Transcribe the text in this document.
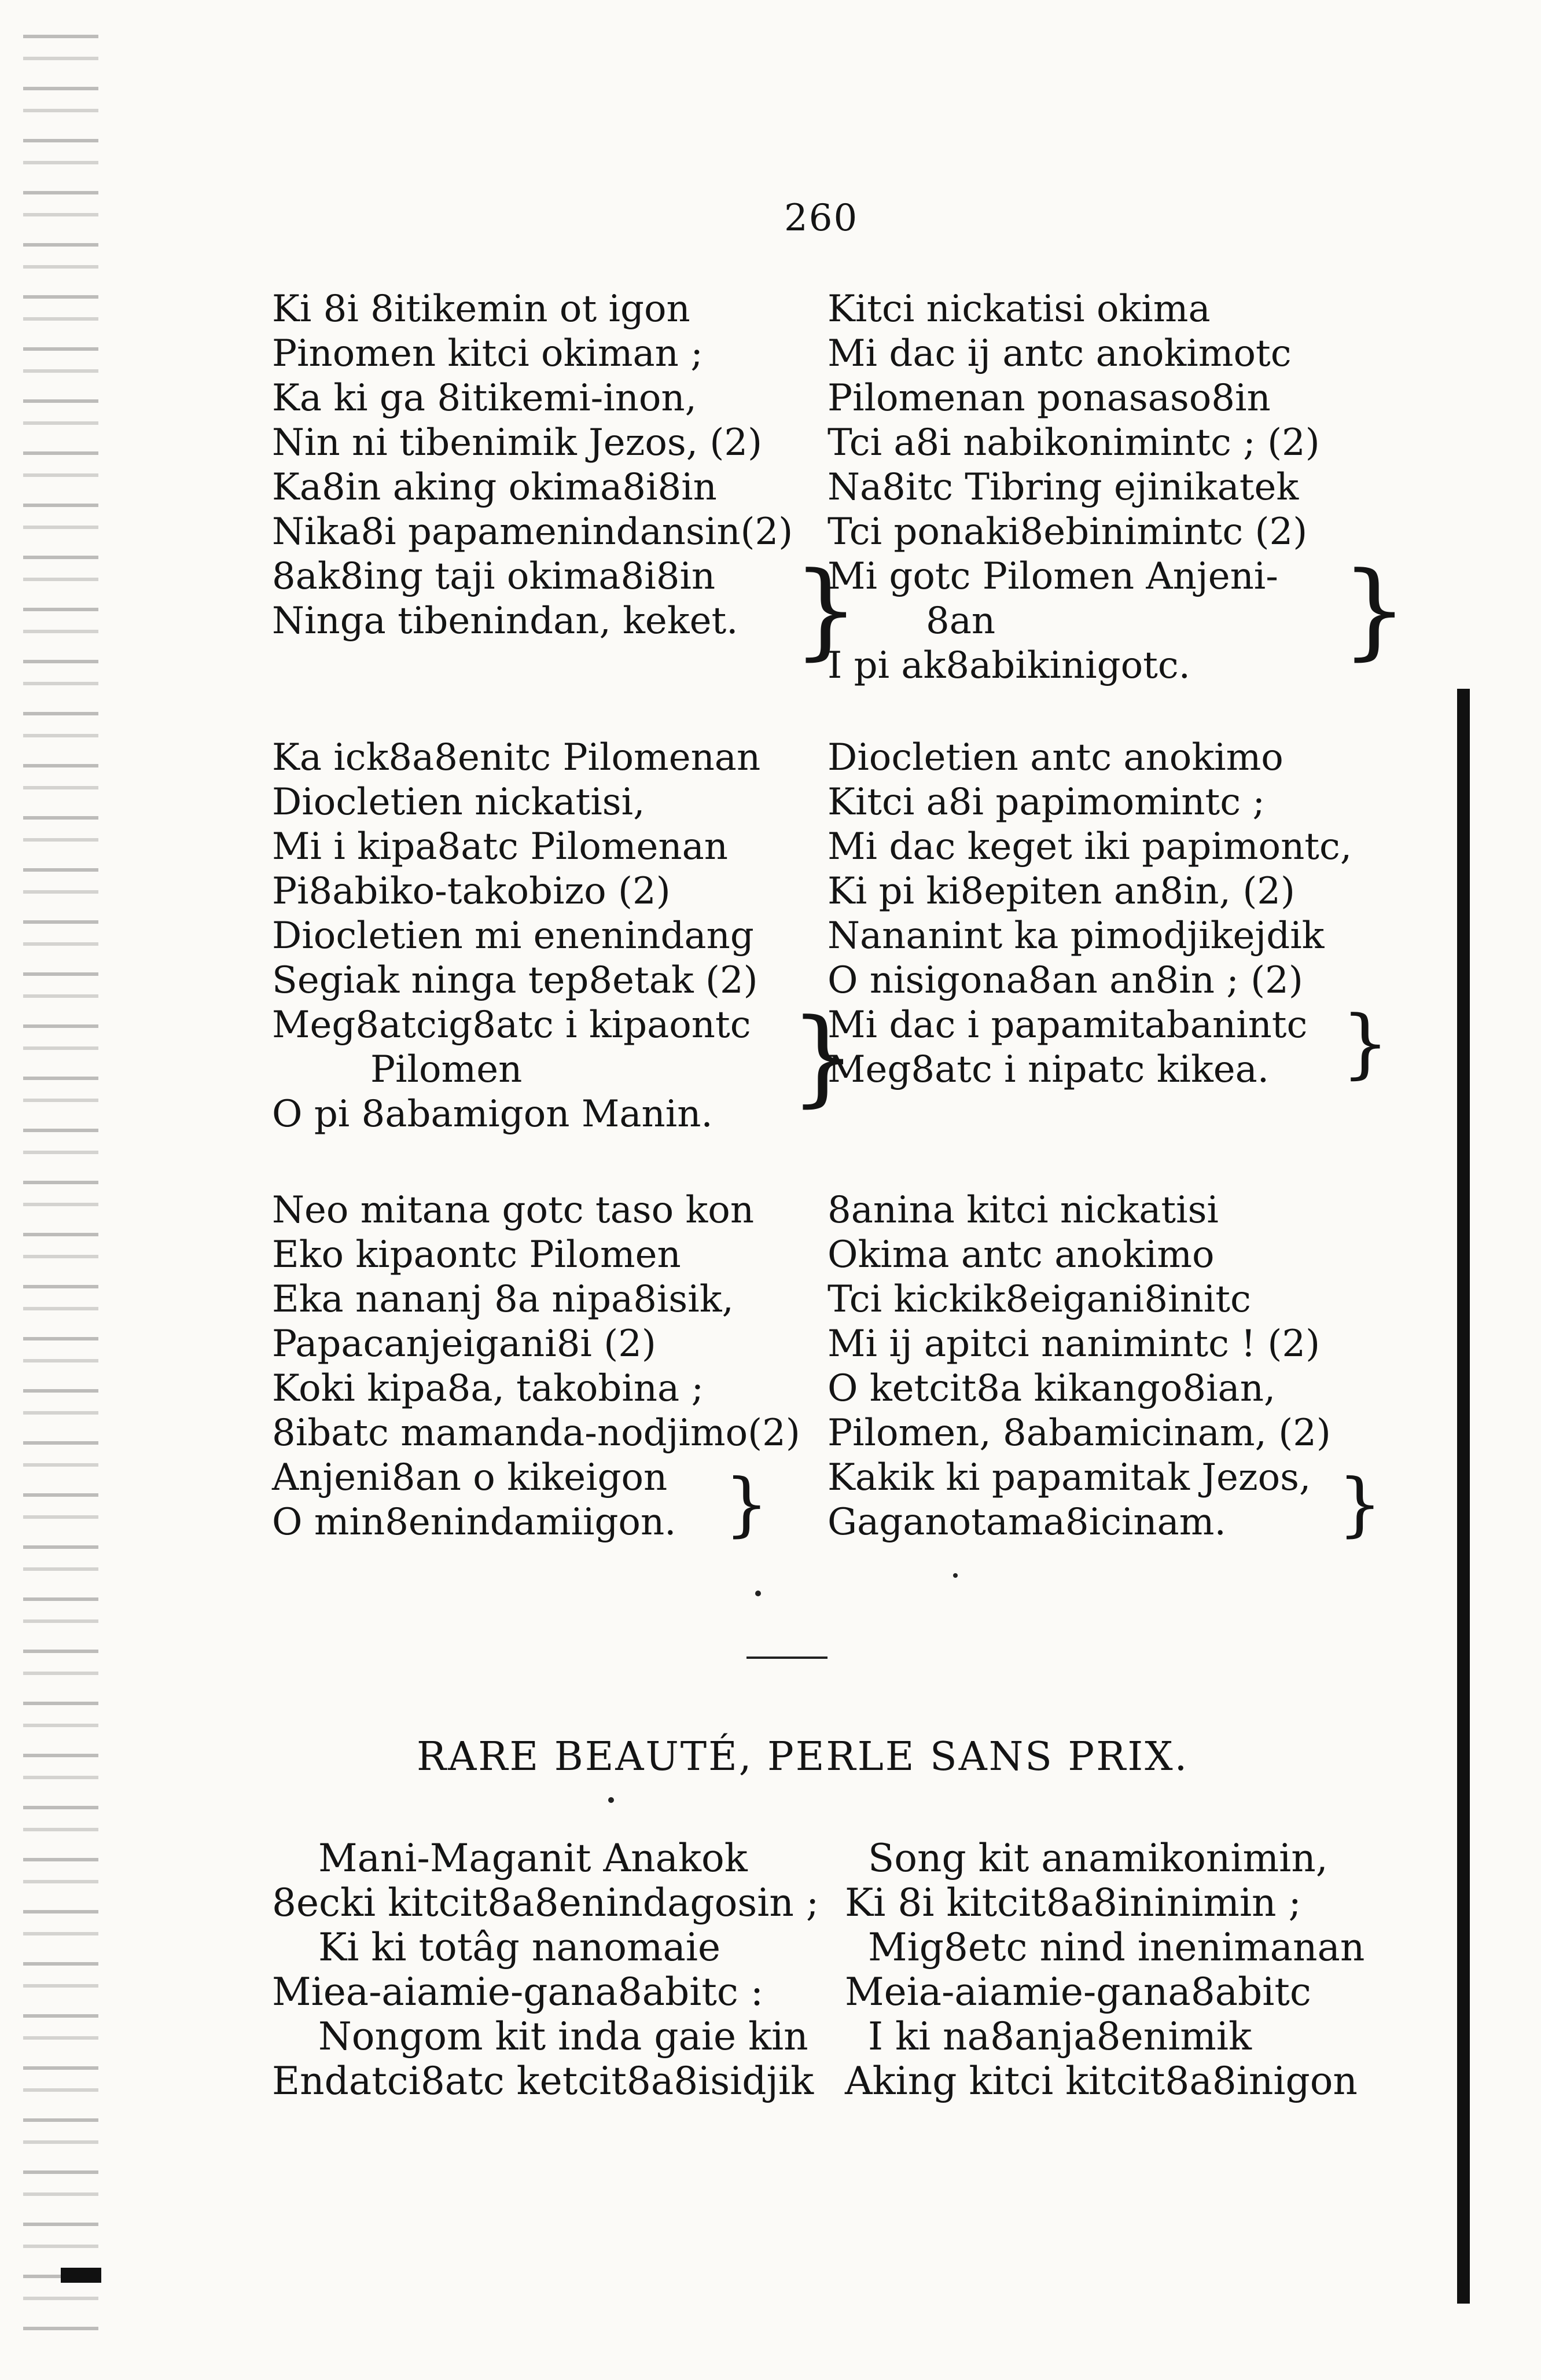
260
Ki 8i 8itikemin ot igon
Pinomen kitci okiman ;
Ka ki ga 8itikemi-inon,
Nin ni tibenimik Jezos, (2)
Ka8in aking okima8i8in
Nika8i papamenindansin(2)
8ak8ing taji okima8i8in
Ninga tibenindan, keket. }
Kitci nickatisi okima
Mi dac ij antc anokimotc
Pilomenan ponasaso8in
Tci a8i nabikonimintc ; (2)
Na8itc Tibring ejinikatek
Tci ponaki8ebinimintc (2)
Mi gotc Pilomen Anjeni-
8an
I pi ak8abikinigotc.	}
Ka ick8a8enitc Pilomenan
Diocletien nickatisi,
Mi i kipa8atc Pilomenan
Pi8abiko-takobizo (2)
Diocletien mi enenindang
Segiak ninga tep8etak (2)
Meg8atcig8atc i kipaontc
Pilomen
O pi 8abamigon Manin. }
Diocletien antc anokimo
Kitci a8i papimomintc ;
Mi dac keget iki papimontc,
Ki pi ki8epiten an8in, (2)
Nananint ka pimodjikejdik
O nisigona8an an8in ; (2)
Mi dac i papamitabanintc
Meg8atc i nipatc kikea. }
Neo mitana gotc taso kon
Eko kipaontc Pilomen
Eka nananj 8a nipa8isik,
Papacanjeigani8i (2)
Koki kipa8a, takobina ;
8ibatc mamanda-nodjimo(2)
Anjeni8an o kikeigon
O min8enindamiigon. }
8anina kitci nickatisi
Okima antc anokimo
Tci kickik8eigani8initc
Mi ij apitci nanimintc ! (2)
O ketcit8a kikango8ian,
Pilomen, 8abamicinam, (2)
Kakik ki papamitak Jezos,
Gaganotama8icinam.	}
RARE BEAUTÉ, PERLE SANS PRIX.
Mani-Maganit Anakok
8ecki kitcit8a8enindagosin ;
Ki ki totâg nanomaie
Miea-aiamie-gana8abitc :
Nongom kit inda gaie kin
Endatci8atc ketcit8a8isidjik
Song kit anamikonimin,
Ki 8i kitcit8a8ininimin ;
Mig8etc nind inenimanan
Meia-aiamie-gana8abitc
I ki na8anja8enimik
Aking kitci kitcit8a8inigon
